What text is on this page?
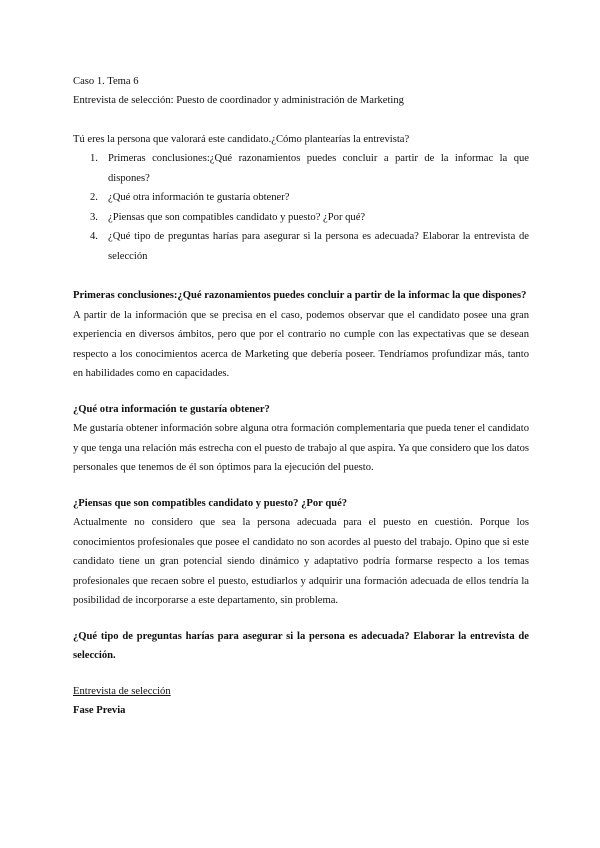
Caso 1. Tema 6

Entrevista de selección: Puesto de coordinador y administración de Marketing

Tú eres la persona que valorará este candidato.¿Cómo plantearías la entrevista?

1. Primeras conclusiones:¿Qué razonamientos puedes concluir a partir de la informac la que dispones?
2. ¿Qué otra información te gustaría obtener?
3. ¿Piensas que son compatibles candidato y puesto? ¿Por qué?
4. ¿Qué tipo de preguntas harías para asegurar si la persona es adecuada? Elaborar la entrevista de selección

Primeras conclusiones:¿Qué razonamientos puedes concluir a partir de la informac la que dispones?

A partir de la información que se precisa en el caso, podemos observar que el candidato posee una gran experiencia en diversos ámbitos, pero que por el contrario no cumple con las expectativas que se desean respecto a los conocimientos acerca de Marketing que debería poseer. Tendríamos profundizar más, tanto en habilidades como en capacidades.

¿Qué otra información te gustaría obtener?

Me gustaría obtener información sobre alguna otra formación complementaria que pueda tener el candidato y que tenga una relación más estrecha con el puesto de trabajo al que aspira. Ya que considero que los datos personales que tenemos de él son óptimos para la ejecución del puesto.

¿Piensas que son compatibles candidato y puesto? ¿Por qué?

Actualmente no considero que sea la persona adecuada para el puesto en cuestión. Porque los conocimientos profesionales que posee el candidato no son acordes al puesto del trabajo. Opino que si este candidato tiene un gran potencial siendo dinámico y adaptativo podría formarse respecto a los temas profesionales que recaen sobre el puesto, estudiarlos y adquirir una formación adecuada de ellos tendría la posibilidad de incorporarse a este departamento, sin problema.

¿Qué tipo de preguntas harías para asegurar si la persona es adecuada? Elaborar la entrevista de selección.

Entrevista de selección

Fase Previa
